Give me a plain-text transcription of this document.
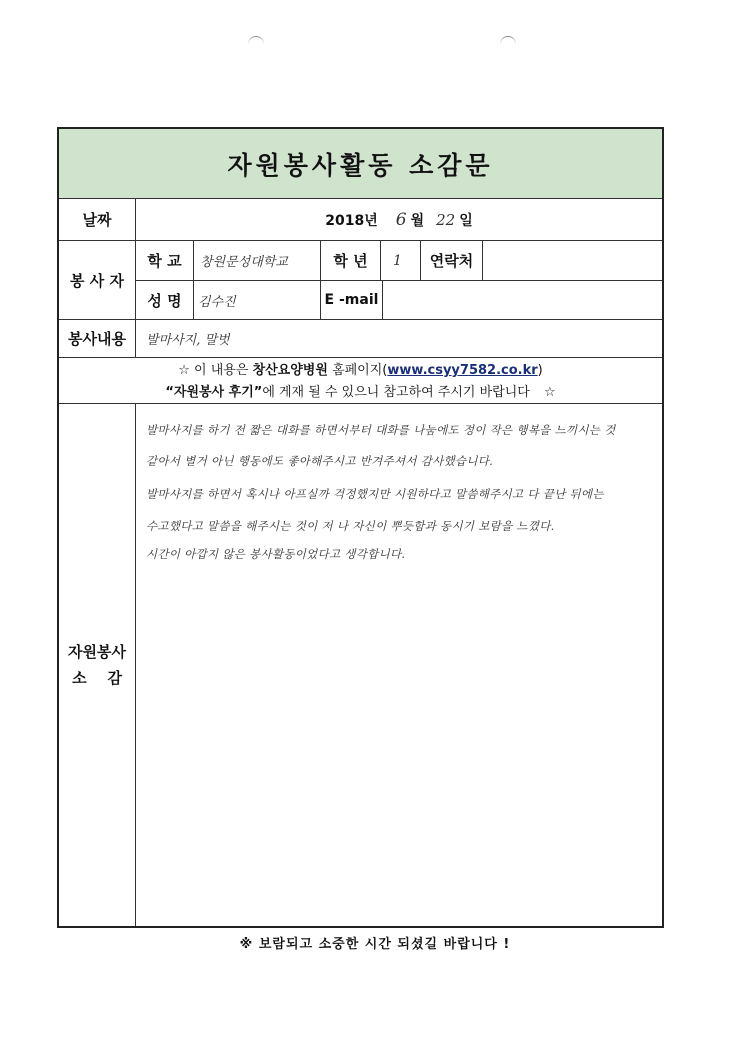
자원봉사활동 소감문
날짜	2018년 6 월 22 일
봉 사 자
학 교	창원문성대학교	학 년	1	연락처
성 명	김수진	E -mail
봉사내용	발마사지, 말벗
☆ 이 내용은 창산요양병원 홈페이지(www.csyy7582.co.kr)
“자원봉사 후기”에 게재 될 수 있으니 참고하여 주시기 바랍니다 ☆
자원봉사
소    감
발마사지를 하기 전 짧은 대화를 하면서부터 대화를 나눔에도 정이 작은 행복을 느끼시는 것
같아서 별거 아닌 행동에도 좋아해주시고 반겨주셔서 감사했습니다.
발마사지를 하면서 혹시나 아프실까 걱정했지만 시원하다고 말씀해주시고 다 끝난 뒤에는
수고했다고 말씀을 해주시는 것이 저 나 자신이 뿌듯함과 동시기 보람을 느꼈다.
시간이 아깝지 않은 봉사활동이었다고 생각합니다.
※ 보람되고 소중한 시간 되셨길 바랍니다 !
